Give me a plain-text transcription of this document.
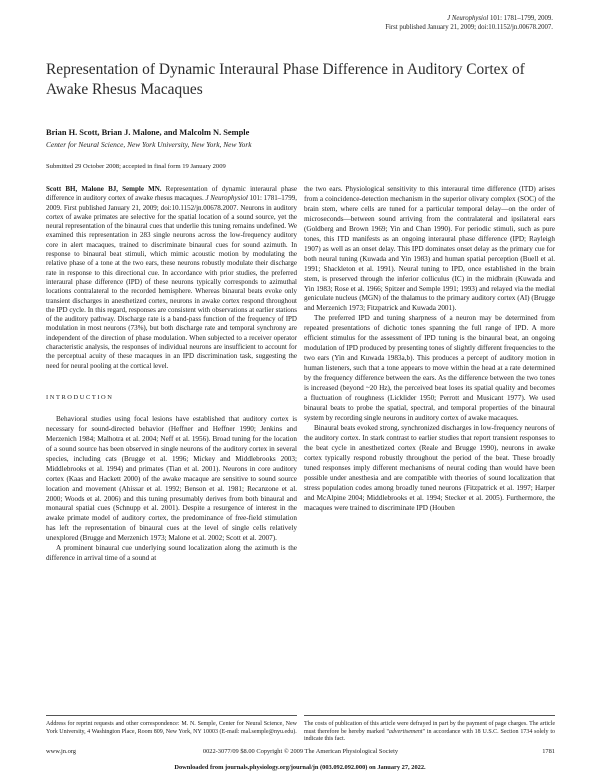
J Neurophysiol 101: 1781–1799, 2009.
First published January 21, 2009; doi:10.1152/jn.00678.2007.
Representation of Dynamic Interaural Phase Difference in Auditory Cortex of Awake Rhesus Macaques
Brian H. Scott, Brian J. Malone, and Malcolm N. Semple
Center for Neural Science, New York University, New York, New York
Submitted 29 October 2008; accepted in final form 19 January 2009

Scott BH, Malone BJ, Semple MN. Representation of dynamic interaural phase difference in auditory cortex of awake rhesus macaques. J Neurophysiol 101: 1781–1799, 2009. First published January 21, 2009; doi:10.1152/jn.00678.2007. Neurons in auditory cortex of awake primates are selective for the spatial location of a sound source, yet the neural representation of the binaural cues that underlie this tuning remains undefined. We examined this representation in 283 single neurons across the low-frequency auditory core in alert macaques, trained to discriminate binaural cues for sound azimuth. In response to binaural beat stimuli, which mimic acoustic motion by modulating the relative phase of a tone at the two ears, these neurons robustly modulate their discharge rate in response to this directional cue. In accordance with prior studies, the preferred interaural phase difference (IPD) of these neurons typically corresponds to azimuthal locations contralateral to the recorded hemisphere. Whereas binaural beats evoke only transient discharges in anesthetized cortex, neurons in awake cortex respond throughout the IPD cycle. In this regard, responses are consistent with observations at earlier stations of the auditory pathway. Discharge rate is a band-pass function of the frequency of IPD modulation in most neurons (73%), but both discharge rate and temporal synchrony are independent of the direction of phase modulation. When subjected to a receiver operator characteristic analysis, the responses of individual neurons are insufficient to account for the perceptual acuity of these macaques in an IPD discrimination task, suggesting the need for neural pooling at the cortical level.

INTRODUCTION

Behavioral studies using focal lesions have established that auditory cortex is necessary for sound-directed behavior (Heffner and Heffner 1990; Jenkins and Merzenich 1984; Malhotra et al. 2004; Neff et al. 1956). Broad tuning for the location of a sound source has been observed in single neurons of the auditory cortex in several species, including cats (Brugge et al. 1996; Mickey and Middlebrooks 2003; Middlebrooks et al. 1994) and primates (Tian et al. 2001). Neurons in core auditory cortex (Kaas and Hackett 2000) of the awake macaque are sensitive to sound source location and movement (Ahissar et al. 1992; Benson et al. 1981; Recanzone et al. 2000; Woods et al. 2006) and this tuning presumably derives from both binaural and monaural spatial cues (Schnupp et al. 2001). Despite a resurgence of interest in the awake primate model of auditory cortex, the predominance of free-field stimulation has left the representation of binaural cues at the level of single cells relatively unexplored (Brugge and Merzenich 1973; Malone et al. 2002; Scott et al. 2007).

A prominent binaural cue underlying sound localization along the azimuth is the difference in arrival time of a sound at

the two ears. Physiological sensitivity to this interaural time difference (ITD) arises from a coincidence-detection mechanism in the superior olivary complex (SOC) of the brain stem, where cells are tuned for a particular temporal delay—on the order of microseconds—between sound arriving from the contralateral and ipsilateral ears (Goldberg and Brown 1969; Yin and Chan 1990). For periodic stimuli, such as pure tones, this ITD manifests as an ongoing interaural phase difference (IPD; Rayleigh 1907) as well as an onset delay. This IPD dominates onset delay as the primary cue for both neural tuning (Kuwada and Yin 1983) and human spatial perception (Buell et al. 1991; Shackleton et al. 1991). Neural tuning to IPD, once established in the brain stem, is preserved through the inferior colliculus (IC) in the midbrain (Kuwada and Yin 1983; Rose et al. 1966; Spitzer and Semple 1991; 1993) and relayed via the medial geniculate nucleus (MGN) of the thalamus to the primary auditory cortex (AI) (Brugge and Merzenich 1973; Fitzpatrick and Kuwada 2001).

The preferred IPD and tuning sharpness of a neuron may be determined from repeated presentations of dichotic tones spanning the full range of IPD. A more efficient stimulus for the assessment of IPD tuning is the binaural beat, an ongoing modulation of IPD produced by presenting tones of slightly different frequencies to the two ears (Yin and Kuwada 1983a,b). This produces a percept of auditory motion in human listeners, such that a tone appears to move within the head at a rate determined by the frequency difference between the ears. As the difference between the two tones is increased (beyond ~20 Hz), the perceived beat loses its spatial quality and becomes a fluctuation of roughness (Licklider 1950; Perrott and Musicant 1977). We used binaural beats to probe the spatial, spectral, and temporal properties of the binaural system by recording single neurons in auditory cortex of awake macaques.

Binaural beats evoked strong, synchronized discharges in low-frequency neurons of the auditory cortex. In stark contrast to earlier studies that report transient responses to the beat cycle in anesthetized cortex (Reale and Brugge 1990), neurons in awake cortex typically respond robustly throughout the period of the beat. These broadly tuned responses imply different mechanisms of neural coding than would have been possible under anesthesia and are compatible with theories of sound localization that stress population codes among broadly tuned neurons (Fitzpatrick et al. 1997; Harper and McAlpine 2004; Middlebrooks et al. 1994; Stecker et al. 2005). Furthermore, the macaques were trained to discriminate IPD (Houben

Address for reprint requests and other correspondence: M. N. Semple, Center for Neural Science, New York University, 4 Washington Place, Room 809, New York, NY 10003 (E-mail: mal.semple@nyu.edu).

The costs of publication of this article were defrayed in part by the payment of page charges. The article must therefore be hereby marked "advertisement" in accordance with 18 U.S.C. Section 1734 solely to indicate this fact.

www.jn.org	0022-3077/09 $8.00 Copyright © 2009 The American Physiological Society	1781
Downloaded from journals.physiology.org/journal/jn (003.092.092.000) on January 27, 2022.
